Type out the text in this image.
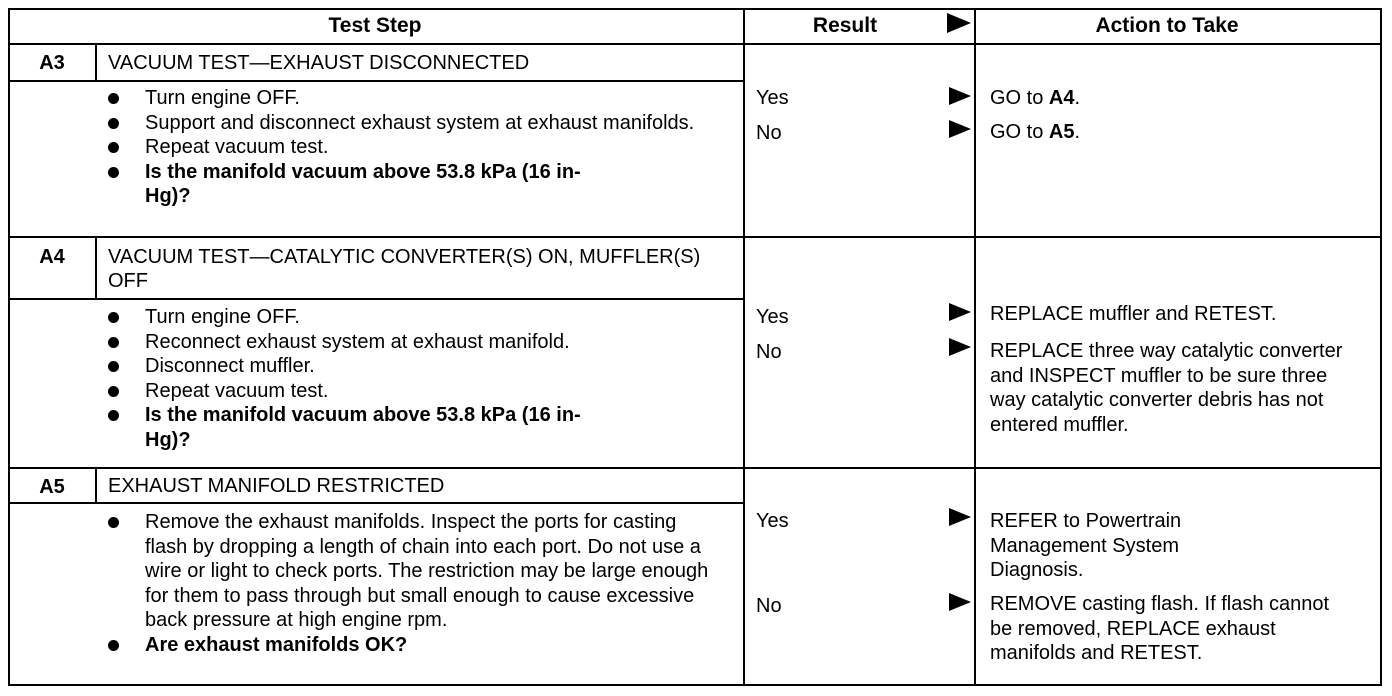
Test Step	Result	Action to Take
A3	VACUUM TEST—EXHAUST DISCONNECTED
Turn engine OFF.
Support and disconnect exhaust system at exhaust manifolds.
Repeat vacuum test.
Is the manifold vacuum above 53.8 kPa (16 in-Hg)?
Yes	GO to A4.
No	GO to A5.
A4	VACUUM TEST—CATALYTIC CONVERTER(S) ON, MUFFLER(S) OFF
Turn engine OFF.
Reconnect exhaust system at exhaust manifold.
Disconnect muffler.
Repeat vacuum test.
Is the manifold vacuum above 53.8 kPa (16 in-Hg)?
Yes	REPLACE muffler and RETEST.
No	REPLACE three way catalytic converter and INSPECT muffler to be sure three way catalytic converter debris has not entered muffler.
A5	EXHAUST MANIFOLD RESTRICTED
Remove the exhaust manifolds. Inspect the ports for casting flash by dropping a length of chain into each port. Do not use a wire or light to check ports. The restriction may be large enough for them to pass through but small enough to cause excessive back pressure at high engine rpm.
Are exhaust manifolds OK?
Yes	REFER to Powertrain Management System Diagnosis.
No	REMOVE casting flash. If flash cannot be removed, REPLACE exhaust manifolds and RETEST.
